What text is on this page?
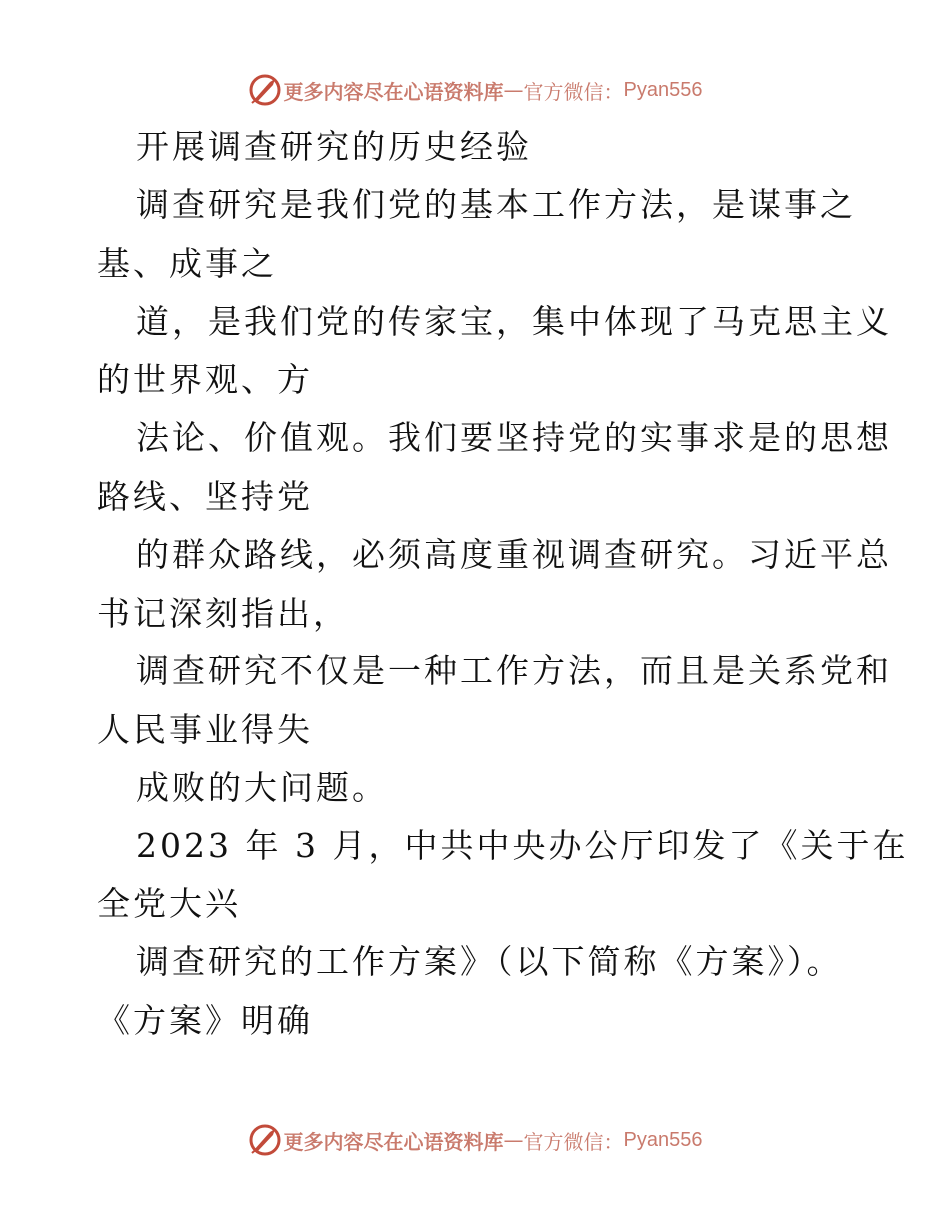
更多内容尽在心语资料库 — 官方微信： Pyan556
开展调查研究的历史经验
调查研究是我们党的基本工作方法，是谋事之
基、成事之
道，是我们党的传家宝，集中体现了马克思主义
的世界观、方
法论、价值观。我们要坚持党的实事求是的思想
路线、坚持党
的群众路线，必须高度重视调查研究。习近平总
书记深刻指出，
调查研究不仅是一种工作方法，而且是关系党和
人民事业得失
成败的大问题。
2023 年 3 月，中共中央办公厅印发了《关于在
全党大兴
调查研究的工作方案》（以下简称《方案》）。
《方案》明确
更多内容尽在心语资料库 — 官方微信： Pyan556
